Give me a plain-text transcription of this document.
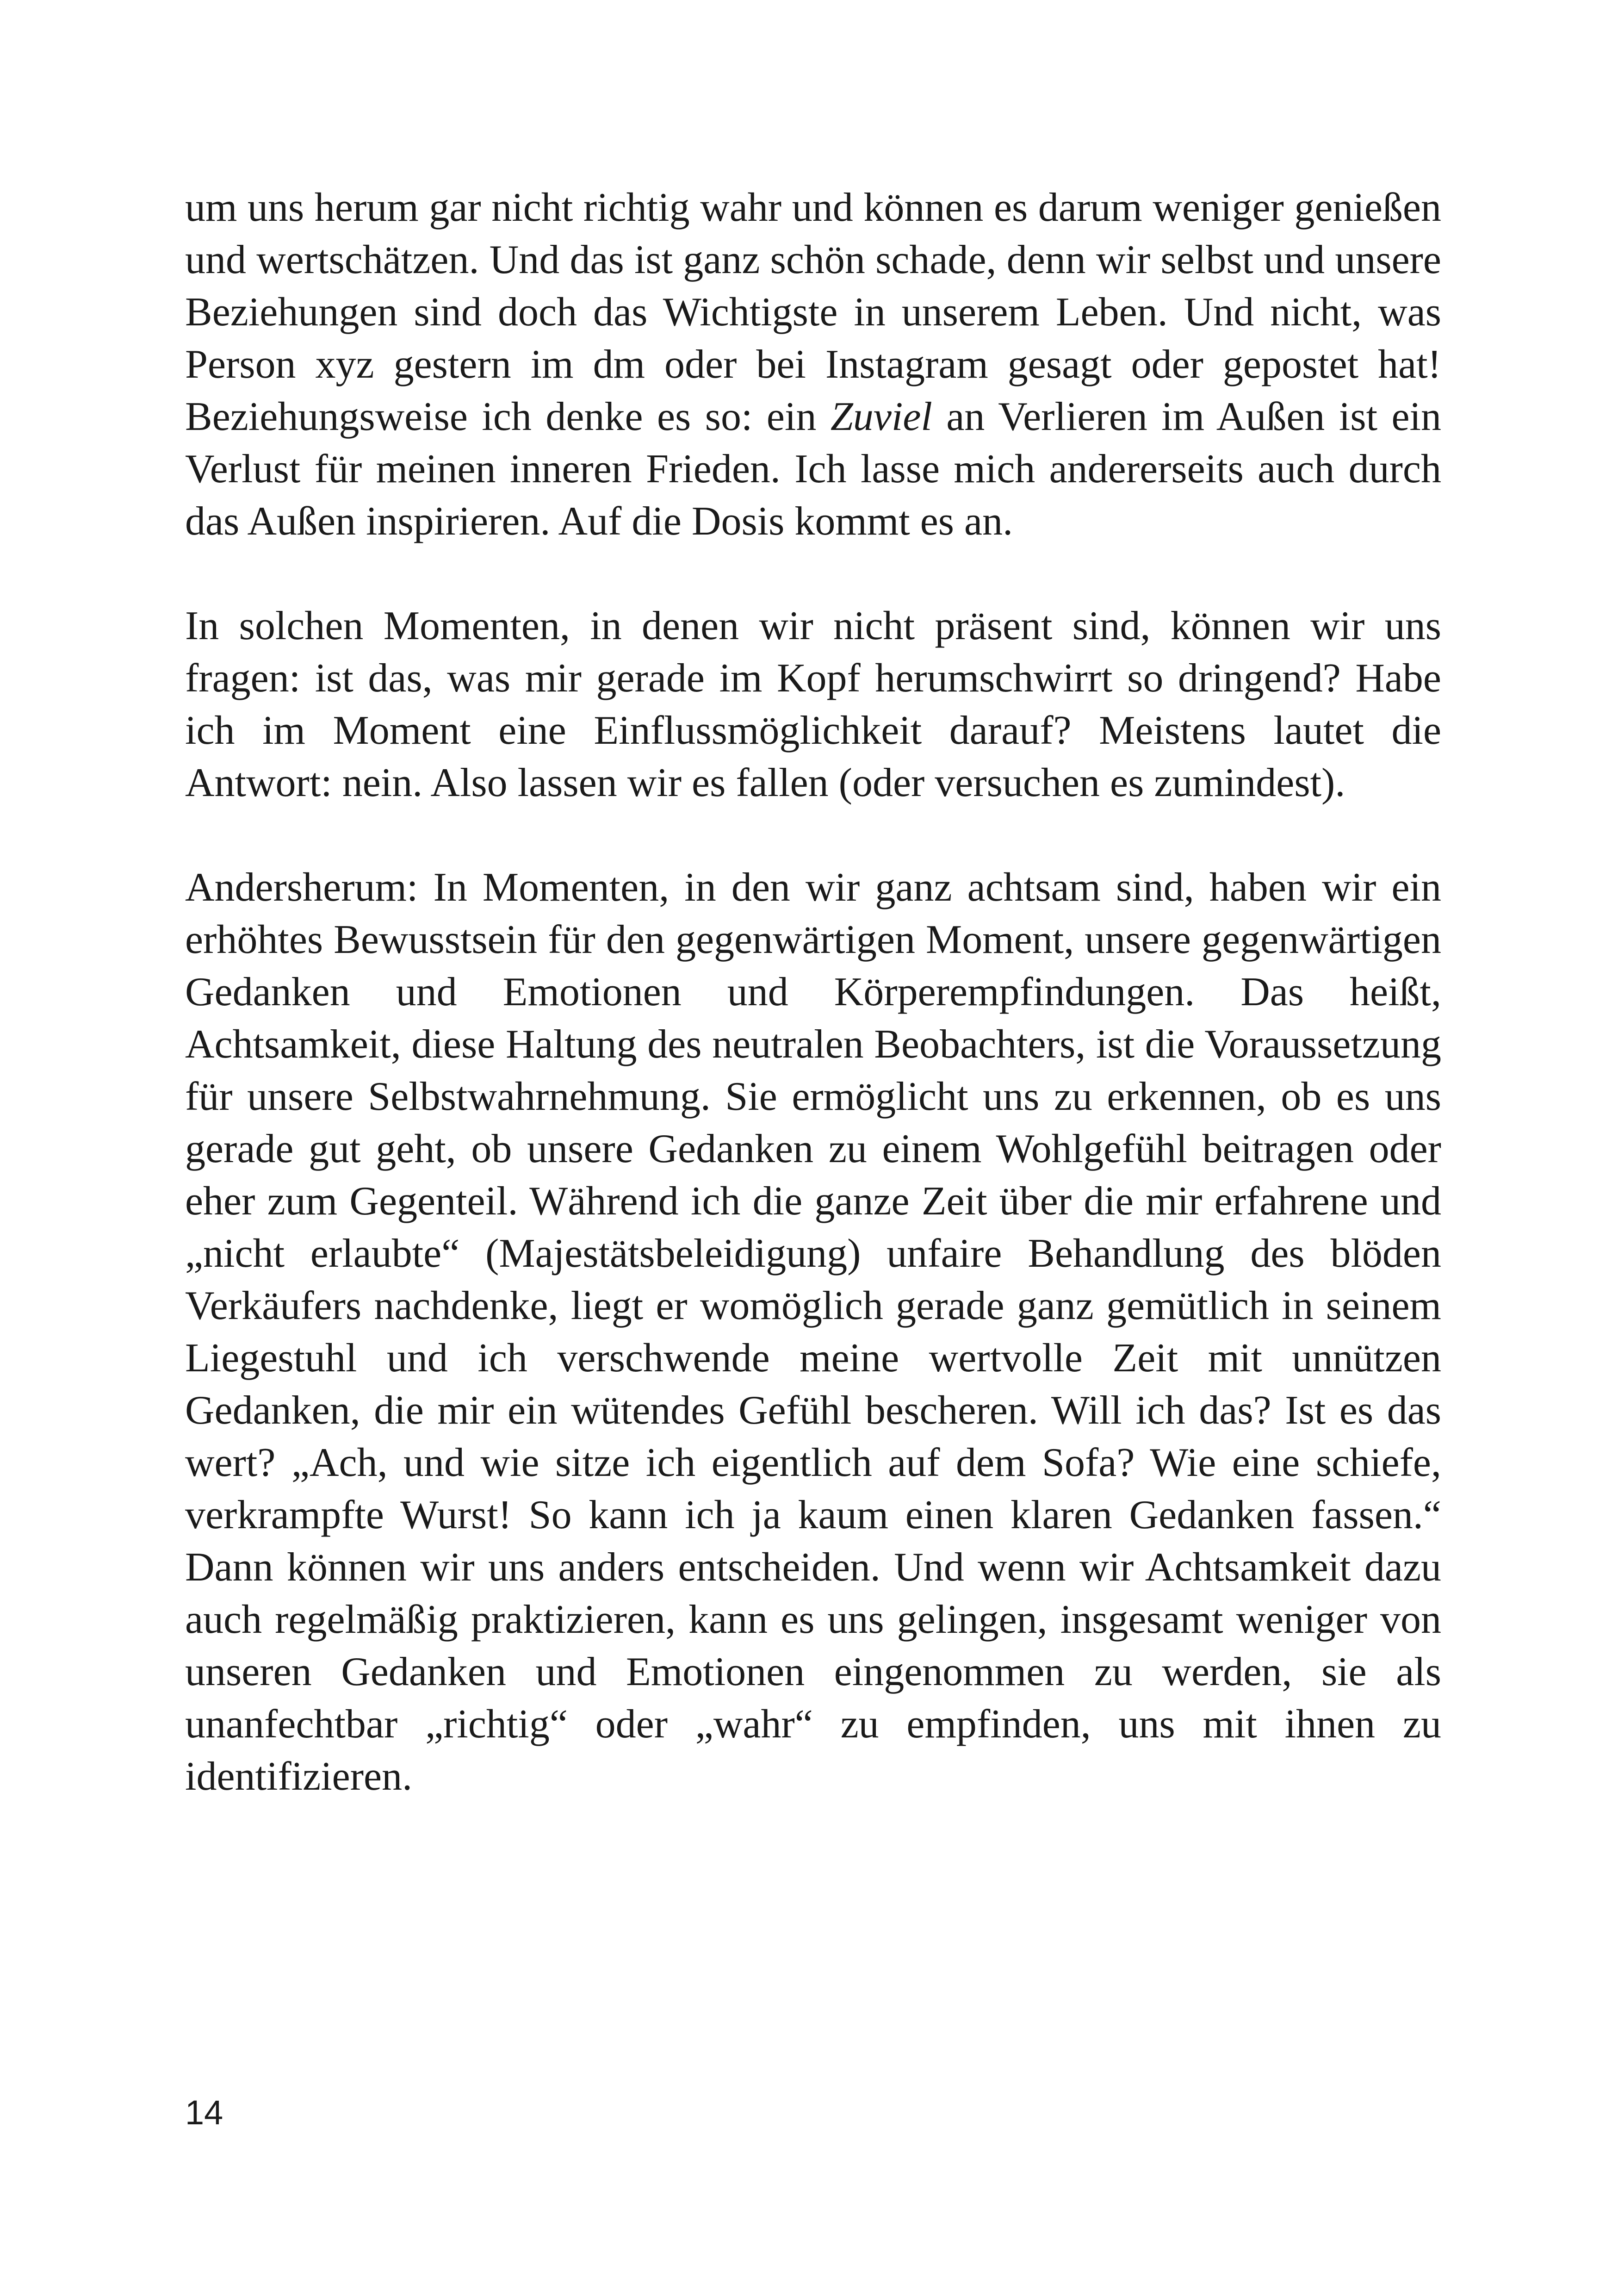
um uns herum gar nicht richtig wahr und können es darum weniger genießen und wertschätzen. Und das ist ganz schön schade, denn wir selbst und unsere Beziehungen sind doch das Wichtigste in unserem Leben. Und nicht, was Person xyz gestern im dm oder bei Instagram gesagt oder gepostet hat! Beziehungsweise ich denke es so: ein Zuviel an Verlieren im Außen ist ein Verlust für meinen inneren Frieden. Ich lasse mich andererseits auch durch das Außen inspirieren. Auf die Dosis kommt es an.

In solchen Momenten, in denen wir nicht präsent sind, können wir uns fragen: ist das, was mir gerade im Kopf herumschwirrt so dringend? Habe ich im Moment eine Einflussmöglichkeit darauf? Meistens lautet die Antwort: nein. Also lassen wir es fallen (oder versuchen es zumindest).

Andersherum: In Momenten, in den wir ganz achtsam sind, haben wir ein erhöhtes Bewusstsein für den gegenwärtigen Moment, unsere gegenwärtigen Gedanken und Emotionen und Körperempfindungen. Das heißt, Achtsamkeit, diese Haltung des neutralen Beobachters, ist die Voraussetzung für unsere Selbstwahrnehmung. Sie ermöglicht uns zu erkennen, ob es uns gerade gut geht, ob unsere Gedanken zu einem Wohlgefühl beitragen oder eher zum Gegenteil. Während ich die ganze Zeit über die mir erfahrene und „nicht erlaubte“ (Majestätsbeleidigung) unfaire Behandlung des blöden Verkäufers nachdenke, liegt er womöglich gerade ganz gemütlich in seinem Liegestuhl und ich verschwende meine wertvolle Zeit mit unnützen Gedanken, die mir ein wütendes Gefühl bescheren. Will ich das? Ist es das wert? „Ach, und wie sitze ich eigentlich auf dem Sofa? Wie eine schiefe, verkrampfte Wurst! So kann ich ja kaum einen klaren Gedanken fassen.“ Dann können wir uns anders entscheiden. Und wenn wir Achtsamkeit dazu auch regelmäßig praktizieren, kann es uns gelingen, insgesamt weniger von unseren Gedanken und Emotionen eingenommen zu werden, sie als unanfechtbar „richtig“ oder „wahr“ zu empfinden, uns mit ihnen zu identifizieren.

14
